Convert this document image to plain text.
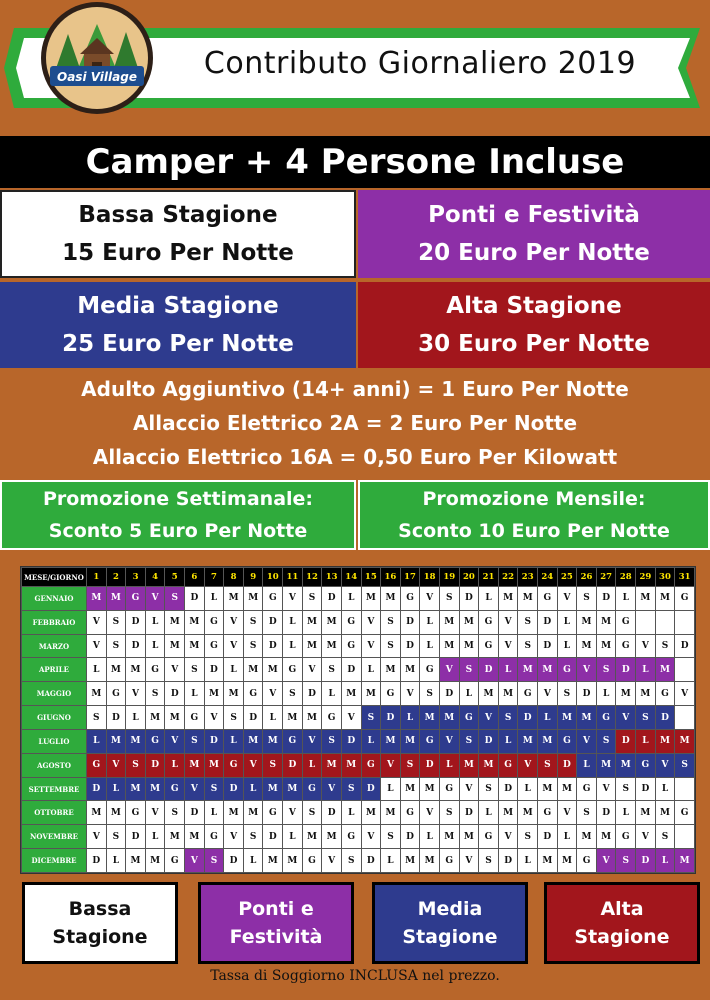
Oasi Village Contributo Giornaliero 2019
Camper + 4 Persone Incluse
Bassa Stagione
15 Euro Per Notte
Ponti e Festività
20 Euro Per Notte
Media Stagione
25 Euro Per Notte
Alta Stagione
30 Euro Per Notte
Adulto Aggiuntivo (14+ anni) = 1 Euro Per Notte
Allaccio Elettrico 2A = 2 Euro Per Notte
Allaccio Elettrico 16A = 0,50 Euro Per Kilowatt
Promozione Settimanale:
Sconto 5 Euro Per Notte
Promozione Mensile:
Sconto 10 Euro Per Notte
MESE/GIORNO	1	2	3	4	5	6	7	8	9	10	11	12	13	14	15	16	17	18	19	20	21	22	23	24	25	26	27	28	29	30	31
GENNAIO	M	M	G	V	S	D	L	M	M	G	V	S	D	L	M	M	G	V	S	D	L	M	M	G	V	S	D	L	M	M	G
FEBBRAIO	V	S	D	L	M	M	G	V	S	D	L	M	M	G	V	S	D	L	M	M	G	V	S	D	L	M	M	G			
MARZO	V	S	D	L	M	M	G	V	S	D	L	M	M	G	V	S	D	L	M	M	G	V	S	D	L	M	M	G	V	S	D
APRILE	L	M	M	G	V	S	D	L	M	M	G	V	S	D	L	M	M	G	V	S	D	L	M	M	G	V	S	D	L	M	
MAGGIO	M	G	V	S	D	L	M	M	G	V	S	D	L	M	M	G	V	S	D	L	M	M	G	V	S	D	L	M	M	G	V
GIUGNO	S	D	L	M	M	G	V	S	D	L	M	M	G	V	S	D	L	M	M	G	V	S	D	L	M	M	G	V	S	D	
LUGLIO	L	M	M	G	V	S	D	L	M	M	G	V	S	D	L	M	M	G	V	S	D	L	M	M	G	V	S	D	L	M	M
AGOSTO	G	V	S	D	L	M	M	G	V	S	D	L	M	M	G	V	S	D	L	M	M	G	V	S	D	L	M	M	G	V	S
SETTEMBRE	D	L	M	M	G	V	S	D	L	M	M	G	V	S	D	L	M	M	G	V	S	D	L	M	M	G	V	S	D	L	
OTTOBRE	M	M	G	V	S	D	L	M	M	G	V	S	D	L	M	M	G	V	S	D	L	M	M	G	V	S	D	L	M	M	G
NOVEMBRE	V	S	D	L	M	M	G	V	S	D	L	M	M	G	V	S	D	L	M	M	G	V	S	D	L	M	M	G	V	S	
DICEMBRE	D	L	M	M	G	V	S	D	L	M	M	G	V	S	D	L	M	M	G	V	S	D	L	M	M	G	V	S	D	L	M
Bassa
Stagione
Ponti e
Festività
Media
Stagione
Alta
Stagione
Tassa di Soggiorno INCLUSA nel prezzo.
